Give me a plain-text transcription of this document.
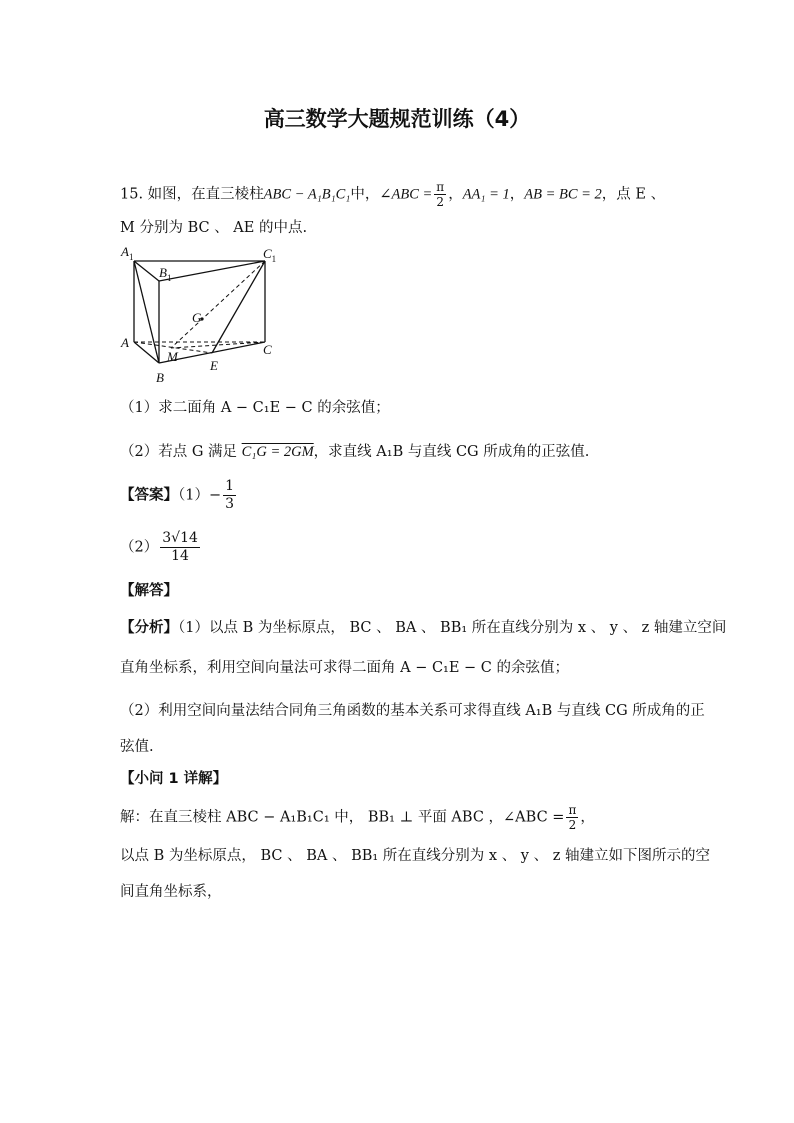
高三数学大题规范训练（4）
15. 如图，在直三棱柱ABC − A₁B₁C₁中，∠ABC = $\frac{\pi}{2}$ ，AA₁ = 1，AB = BC = 2，点 E 、
M 分别为 BC 、 AE 的中点.
$A_1$
$B_1$
$C_1$
A
B
C
E
M
G
（1）求二面角 A − C₁E − C 的余弦值；
（2）若点 G 满足 C₁G = 2GM，求直线 A₁B 与直线 CG 所成角的正弦值.
【答案】$(1)- \frac{1}{3}$
$(2) \frac{3√14}{14}$
【解答】
【分析】（1）以点 B 为坐标原点， BC 、 BA 、 BB₁ 所在直线分别为 x 、 y 、 z 轴建立空间
直角坐标系，利用空间向量法可求得二面角 A − C₁E − C 的余弦值；
（2）利用空间向量法结合同角三角函数的基本关系可求得直线 A₁B 与直线 CG 所成角的正
弦值.
【小问 1 详解】
解：在直三棱柱 ABC − A₁B₁C₁ 中， BB₁ ⊥ 平面 ABC ，∠ABC = $\frac{\pi}{2}$ ，
以点 B 为坐标原点， BC 、 BA 、 BB₁ 所在直线分别为 x 、 y 、 z 轴建立如下图所示的空
间直角坐标系，
